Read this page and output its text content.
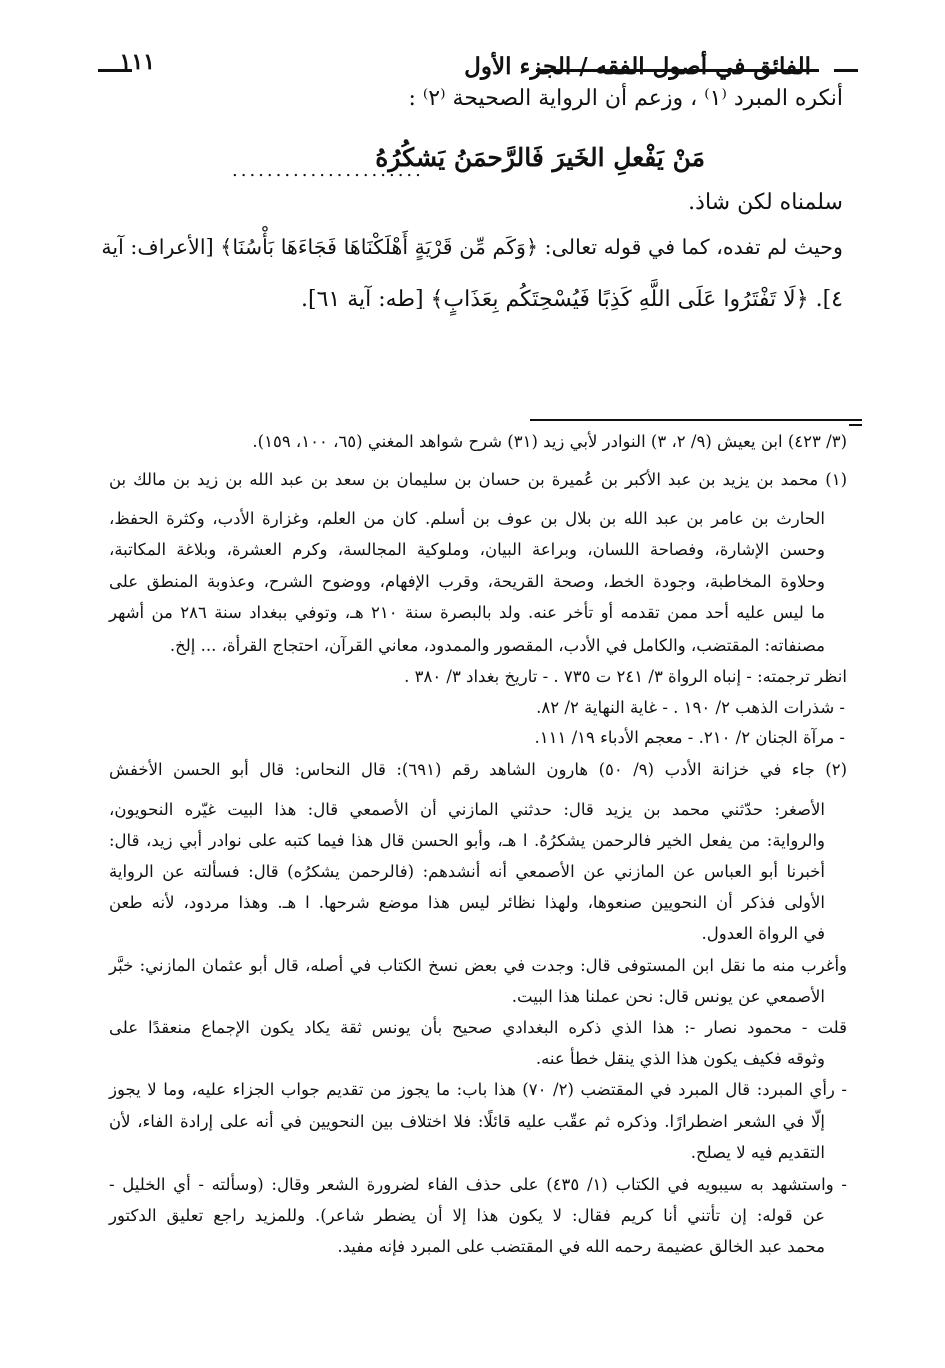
الفائق في أصول الفقه / الجزء الأول
١١١
أنكره المبرد ⁽١⁾ ، وزعم أن الرواية الصحيحة ⁽٢⁾ :
مَنْ يَفْعلِ الخَيرَ فَالرَّحمَنُ يَشكُرُهُ
......................
سلمناه لكن شاذ.
وحيث لم تفده، كما في قوله تعالى: ﴿وَكَم مِّن قَرْيَةٍ أَهْلَكْنَاهَا فَجَاءَهَا بَأْسُنَا﴾ [الأعراف: آية
٤]. ﴿لَا تَفْتَرُوا عَلَى اللَّهِ كَذِبًا فَيُسْحِتَكُم بِعَذَابٍ﴾ [طه: آية ٦١].
(٣/ ٤٢٣) ابن يعيش (٩/ ٢، ٣) النوادر لأبي زيد (٣١) شرح شواهد المغني (٦٥، ١٠٠، ١٥٩).
(١) محمد بن يزيد بن عبد الأكبر بن عُميرة بن حسان بن سليمان بن سعد بن عبد الله بن زيد بن مالك بن
الحارث بن عامر بن عبد الله بن بلال بن عوف بن أسلم. كان من العلم، وغزارة الأدب، وكثرة الحفظ،
وحسن الإشارة، وفصاحة اللسان، وبراعة البيان، وملوكية المجالسة، وكرم العشرة، وبلاغة المكاتبة،
وحلاوة المخاطبة، وجودة الخط، وصحة القريحة، وقرب الإفهام، ووضوح الشرح، وعذوبة المنطق على
ما ليس عليه أحد ممن تقدمه أو تأخر عنه. ولد بالبصرة سنة ٢١٠ هـ، وتوفي ببغداد سنة ٢٨٦ من أشهر
مصنفاته: المقتضب، والكامل في الأدب، المقصور والممدود، معاني القرآن، احتجاج القرأة، ... إلخ.
انظر ترجمته: - إنباه الرواة ٣/ ٢٤١ ت ٧٣٥ . - تاريخ بغداد ٣/ ٣٨٠ .
- شذرات الذهب ٢/ ١٩٠ . - غاية النهاية ٢/ ٨٢.
- مرآة الجنان ٢/ ٢١٠. - معجم الأدباء ١٩/ ١١١.
(٢) جاء في خزانة الأدب (٩/ ٥٠) هارون الشاهد رقم (٦٩١): قال النحاس: قال أبو الحسن الأخفش
الأصغر: حدّثني محمد بن يزيد قال: حدثني المازني أن الأصمعي قال: هذا البيت غيّره النحويون،
والرواية: من يفعل الخير فالرحمن يشكرُهُ. ا هـ، وأبو الحسن قال هذا فيما كتبه على نوادر أبي زيد، قال:
أخبرنا أبو العباس عن المازني عن الأصمعي أنه أنشدهم: (فالرحمن يشكرُه) قال: فسألته عن الرواية
الأولى فذكر أن النحويين صنعوها، ولهذا نظائر ليس هذا موضع شرحها. ا هـ. وهذا مردود، لأنه طعن
في الرواة العدول.
وأغرب منه ما نقل ابن المستوفى قال: وجدت في بعض نسخ الكتاب في أصله، قال أبو عثمان المازني: خبَّر
الأصمعي عن يونس قال: نحن عملنا هذا البيت.
قلت - محمود نصار -: هذا الذي ذكره البغدادي صحيح بأن يونس ثقة يكاد يكون الإجماع منعقدًا على
وثوقه فكيف يكون هذا الذي ينقل خطأ عنه.
- رأي المبرد: قال المبرد في المقتضب (٢/ ٧٠) هذا باب: ما يجوز من تقديم جواب الجزاء عليه، وما لا يجوز
إلّا في الشعر اضطرارًا. وذكره ثم عقّب عليه قائلًا: فلا اختلاف بين النحويين في أنه على إرادة الفاء، لأن
التقديم فيه لا يصلح.
- واستشهد به سيبويه في الكتاب (١/ ٤٣٥) على حذف الفاء لضرورة الشعر وقال: (وسألته - أي الخليل -
عن قوله: إن تأتني أنا كريم فقال: لا يكون هذا إلا أن يضطر شاعر). وللمزيد راجع تعليق الدكتور
محمد عبد الخالق عضيمة رحمه الله في المقتضب على المبرد فإنه مفيد.
